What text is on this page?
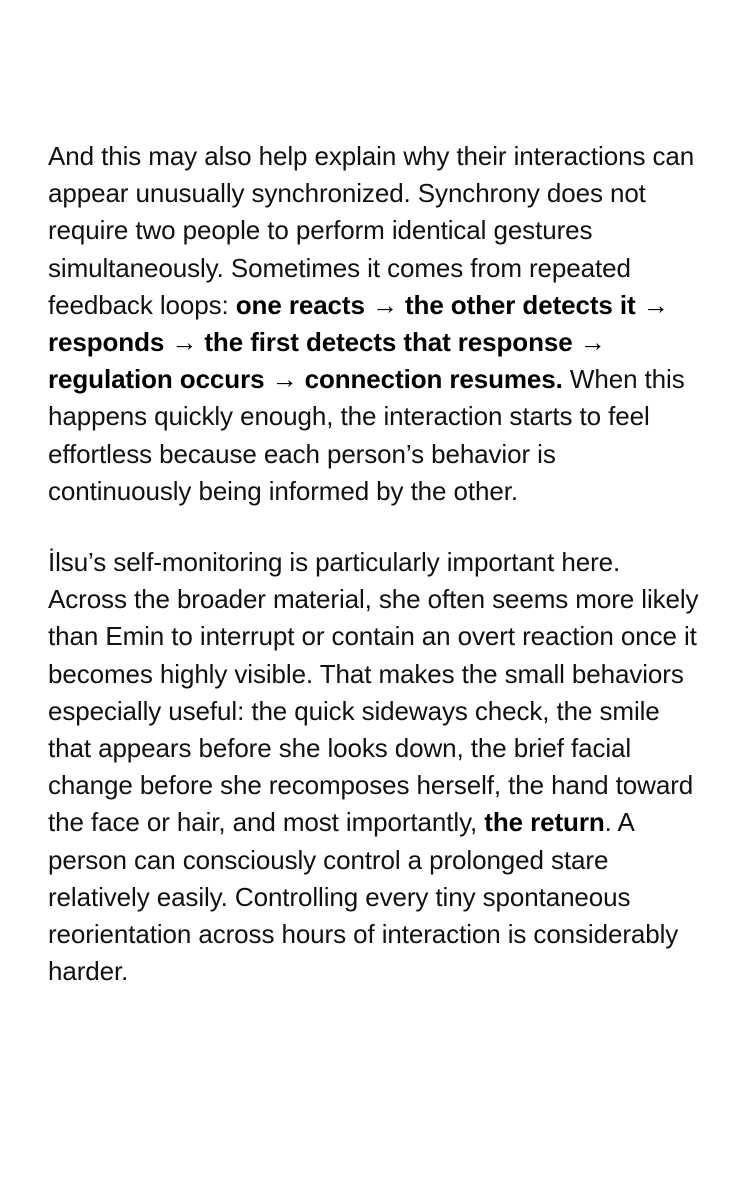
And this may also help explain why their interactions can appear unusually synchronized. Synchrony does not require two people to perform identical gestures simultaneously. Sometimes it comes from repeated feedback loops: one reacts → the other detects it → responds → the first detects that response → regulation occurs → connection resumes. When this happens quickly enough, the interaction starts to feel effortless because each person’s behavior is continuously being informed by the other.

İlsu’s self-monitoring is particularly important here. Across the broader material, she often seems more likely than Emin to interrupt or contain an overt reaction once it becomes highly visible. That makes the small behaviors especially useful: the quick sideways check, the smile that appears before she looks down, the brief facial change before she recomposes herself, the hand toward the face or hair, and most importantly, the return. A person can consciously control a prolonged stare relatively easily. Controlling every tiny spontaneous reorientation across hours of interaction is considerably harder.
